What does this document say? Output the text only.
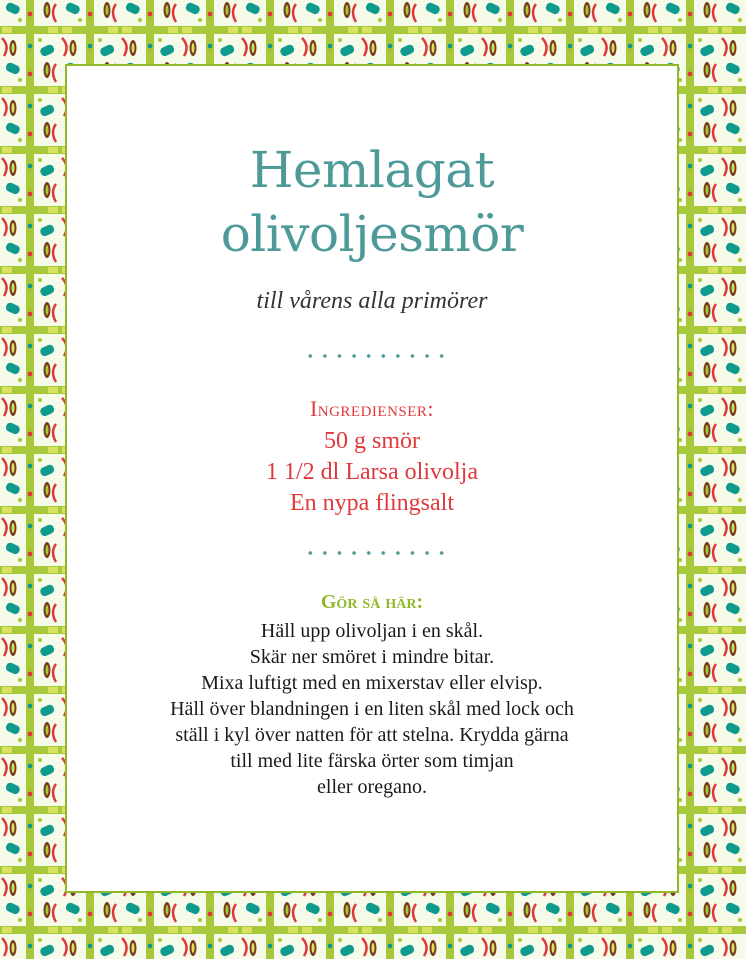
Hemlagat
olivoljesmör

till vårens alla primörer

Ingredienser:

50 g smör
1 1/2 dl Larsa olivolja
En nypa flingsalt

Gör så här:

Häll upp olivoljan i en skål.
Skär ner smöret i mindre bitar.
Mixa luftigt med en mixerstav eller elvisp.
Häll över blandningen i en liten skål med lock och
ställ i kyl över natten för att stelna. Krydda gärna
till med lite färska örter som timjan
eller oregano.
